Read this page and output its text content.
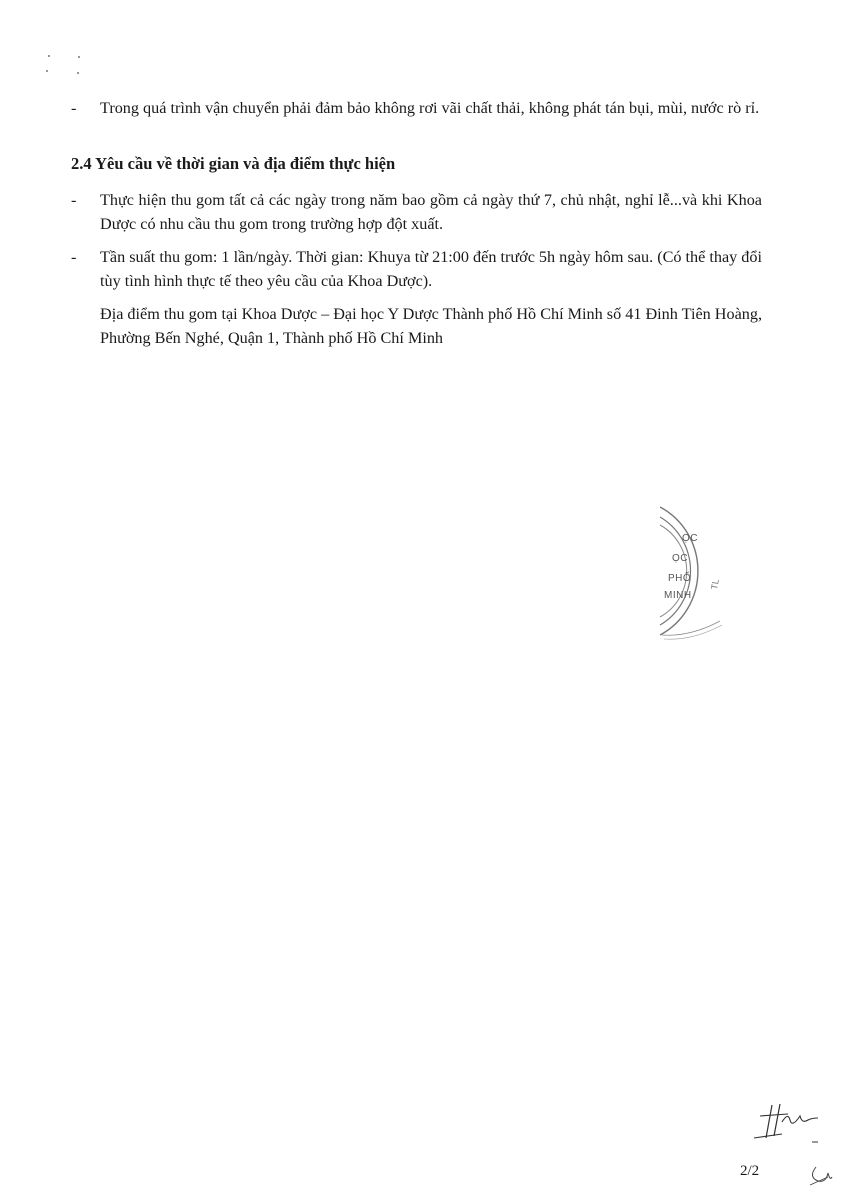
- Trong quá trình vận chuyển phải đảm bảo không rơi vãi chất thải, không phát tán bụi, mùi, nước rò rỉ.
2.4 Yêu cầu về thời gian và địa điểm thực hiện
- Thực hiện thu gom tất cả các ngày trong năm bao gồm cả ngày thứ 7, chủ nhật, nghỉ lễ...và khi Khoa Dược có nhu cầu thu gom trong trường hợp đột xuất.
- Tần suất thu gom: 1 lần/ngày. Thời gian: Khuya từ 21:00 đến trước 5h ngày hôm sau. (Có thể thay đổi tùy tình hình thực tế theo yêu cầu của Khoa Dược).
Địa điểm thu gom tại Khoa Dược – Đại học Y Dược Thành phố Hồ Chí Minh số 41 Đinh Tiên Hoàng, Phường Bến Nghé, Quận 1, Thành phố Hồ Chí Minh
TL
ỌC
ỌC
PHỐ
MINH
2/2
